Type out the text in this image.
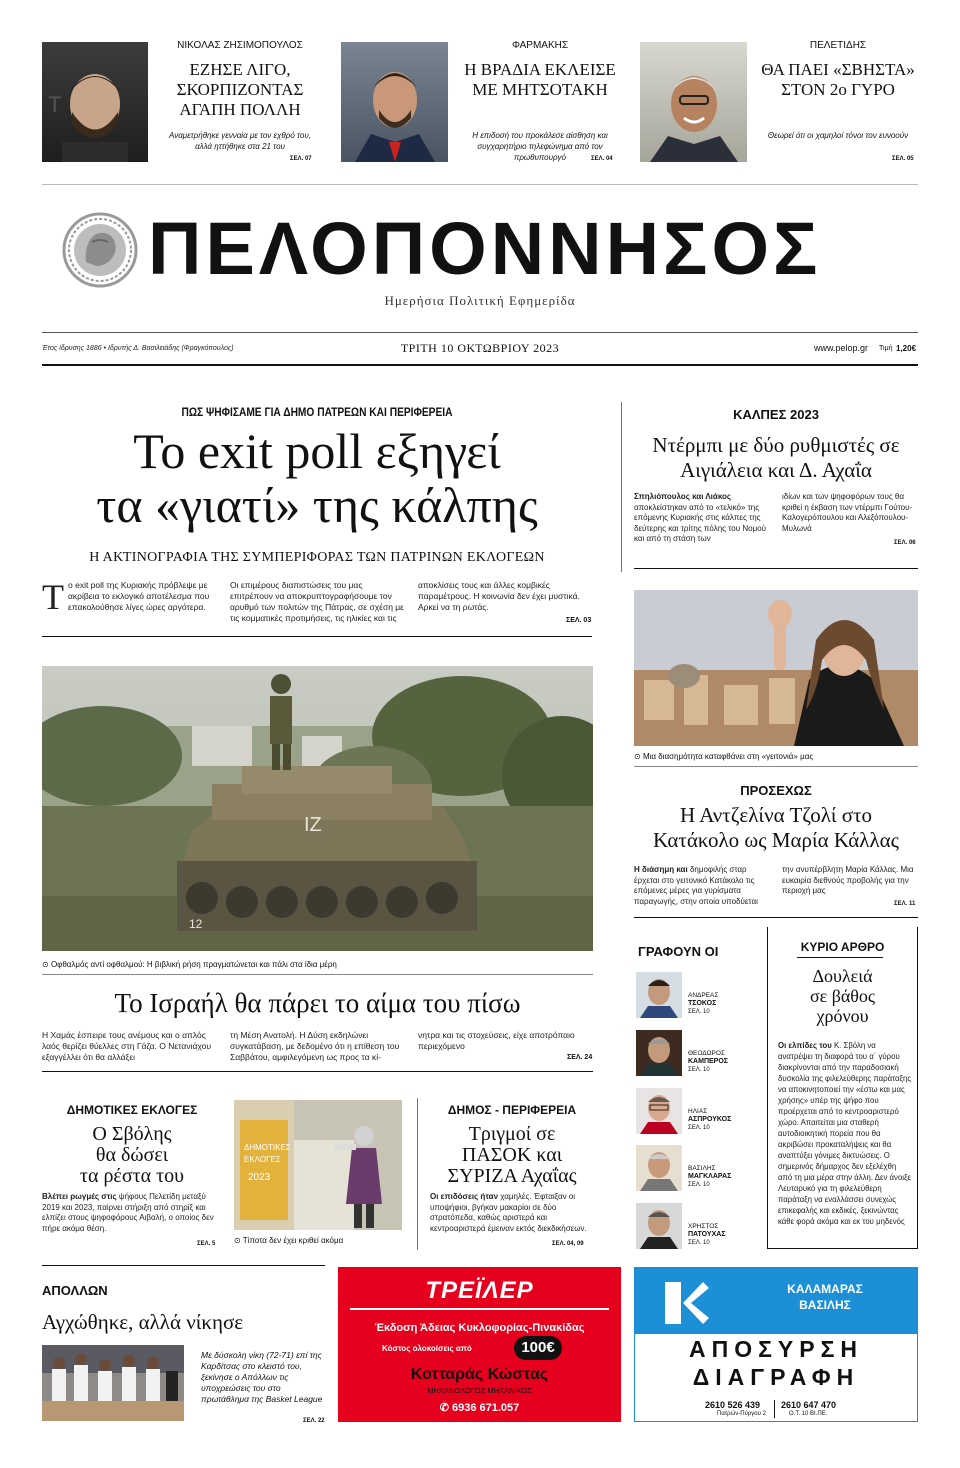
T
ΝΙΚΟΛΑΣ ΖΗΣΙΜΟΠΟΥΛΟΣ
ΕΖΗΣΕ ΛΙΓΟ, ΣΚΟΡΠΙΖΟΝΤΑΣ ΑΓΑΠΗ ΠΟΛΛΗ
Αναμετρήθηκε γενναία με τον εχθρό του, αλλά ηττήθηκε στα 21 του
ΣΕΛ. 07
ΦΑΡΜΑΚΗΣ
Η ΒΡΑΔΙΑ ΕΚΛΕΙΣΕ ΜΕ ΜΗΤΣΟΤΑΚΗ
Η επιδοσή του προκάλεσε αίσθηση και συγχαρητήριο τηλεφώνημα από τον πρωθυπουργό	ΣΕΛ. 04
ΠΕΛΕΤΙΔΗΣ
ΘΑ ΠΑΕΙ «ΣΒΗΣΤΑ» ΣΤΟΝ 2ο ΓΥΡΟ
Θεωρεί ότι οι χαμηλοί τόνοι τον ευνοούν
ΣΕΛ. 05
ΠΕΛΟΠΟΝΝΗΣΟΣ
Ημερήσια Πολιτική Εφημερίδα
Έτος ίδρυσης 1886 • Ιδρυτής Δ. Βασιλειάδης (Φραγκόπουλος)	ΤΡΙΤΗ 10 ΟΚΤΩΒΡΙΟΥ 2023	www.pelop.gr Τιμή 1,20€
ΠΩΣ ΨΗΦΙΣΑΜΕ ΓΙΑ ΔΗΜΟ ΠΑΤΡΕΩΝ ΚΑΙ ΠΕΡΙΦΕΡΕΙΑ
Το exit poll εξηγεί
τα «γιατί» της κάλπης
Η ΑΚΤΙΝΟΓΡΑΦΙΑ ΤΗΣ ΣΥΜΠΕΡΙΦΟΡΑΣ ΤΩΝ ΠΑΤΡΙΝΩΝ ΕΚΛΟΓΕΩΝ
Το exit poll της Κυριακής πρόβλεψε με ακρίβεια το εκλογικό αποτέλεσμα που επακολούθησε λίγες ώρες αργότερα.
Οι επιμέρους διαπιστώσεις του μας επιτρέπουν να αποκρυπτογραφήσουμε τον αρυθμό των πολιτών της Πάτρας, σε σχέση με τις κομματικές προτιμήσεις, τις ηλικίες και τις
αποκλίσεις τους και άλλες κομβικές παραμέτρους. Η κοινωνία δεν έχει μυστικά. Αρκεί να τη ρωτάς.
ΣΕΛ. 03
ΙΖ
12
⊙ Οφθαλμός αντί οφθαλμού: Η βιβλική ρήση πραγματώνεται και πάλι στα ίδια μέρη
Το Ισραήλ θα πάρει το αίμα του πίσω
Η Χαμάς έσπειρε τους ανέμους και ο απλός λαός θερίζει θύελλες στη Γάζα. Ο Νετανιάχου εξαγγέλλει ότι θα αλλάξει
τη Μέση Ανατολή. Η Δύση εκδηλώνει συγκατάβαση, με δεδομένο ότι η επίθεση του Σαββάτου, αμφιλεγόμενη ως προς τα κί-
νητρα και τις στοχεύσεις, είχε αποτρόπαιο περιεχόμενο
ΣΕΛ. 24
ΚΑΛΠΕΣ 2023
Ντέρμπι με δύο ρυθμιστές σε Αιγιάλεια και Δ. Αχαΐα
Σπηλιόπουλος και Λιάκος αποκλείστηκαν από το «τελικό» της επόμενης Κυριακής στις κάλπες της δεύτερης και τρίτης πόλης του Νομού και από τη στάση των
ιδίων και των ψηφοφόρων τους θα κριθεί η έκβαση των ντέρμπι Γούτου-Καλογερόπουλου και Αλεξόπουλου-Μυλωνά
ΣΕΛ. 06
⊙ Μια διασημότητα καταφθάνει στη «γειτονιά» μας
ΠΡΟΣΕΧΩΣ
Η Αντζελίνα Τζολί στο
Κατάκολο ως Μαρία Κάλλας
Η διάσημη και δημοφιλής σταρ έρχεται στο γειτονικό Κατάκολο τις επόμενες μέρες για γυρίσματα παραγωγής, στην οποία υποδύεται
την ανυπέρβλητη Μαρία Κάλλας. Μια ευκαιρία διεθνούς προβολής για την περιοχή μας
ΣΕΛ. 11
ΓΡΑΦΟΥΝ ΟΙ
ΑΝΔΡΕΑΣ
ΤΣΟΚΟΣ
ΣΕΛ. 10
ΘΕΟΔΩΡΟΣ
ΚΑΜΠΕΡΟΣ
ΣΕΛ. 10
ΗΛΙΑΣ
ΑΣΠΡΟΥΚΟΣ
ΣΕΛ. 10
ΒΑΣΙΛΗΣ
ΜΑΓΚΛΑΡΑΣ
ΣΕΛ. 10
ΧΡΗΣΤΟΣ
ΠΑΤΟΥΧΑΣ
ΣΕΛ. 10
ΚΥΡΙΟ ΑΡΘΡΟ
Δουλειά
σε βάθος
χρόνου
Οι ελπίδες του Κ. Σβόλη να ανατρέψει τη διαφορά του α΄ γύρου διακρίνονται από την παραδοσιακή δυσκολία της φιλελεύθερης παράταξης να αποκινητοποιεί την «έστω και μας χρήσης» υπέρ της ψήφο που προέρχεται από το κεντροαριστερό χώρο. Απαιτείται μια σταθερή αυτοδιοικητική πορεία που θα ακριβώσει προκαταλήψεις και θα αναπτύξει γόνιμες δικτυώσεις. Ο σημερινός δήμαρχος δεν εξελέχθη από τη μια μέρα στην άλλη. Δεν άνοιξε Λευταρυκό για τη φιλελεύθερη παράταξη να εναλλάσσει συνεχώς επικεφαλής και εκδικές, ξεκινώντας κάθε φορά ακόμα και εκ του μηδενός
ΔΗΜΟΤΙΚΕΣ ΕΚΛΟΓΕΣ
Ο Σβόλης
θα δώσει
τα ρέστα του
Βλέπει ρωγμές στις ψήφους Πελετίδη μεταξύ 2019 και 2023, παίρνει στήριξη από στηρίξ και ελπίζει στους ψηφοφόρους Αιβαλή, ο οποίος δεν πήρε ακόμα θέση.
ΣΕΛ. 5
ΔΗΜΟΤΙΚΕΣ
ΕΚΛΟΓΕΣ
2023
⊙ Τίποτα δεν έχει κριθεί ακόμα
ΔΗΜΟΣ - ΠΕΡΙΦΕΡΕΙΑ
Τριγμοί σε
ΠΑΣΟΚ και
ΣΥΡΙΖΑ Αχαΐας
Οι επιδόσεις ήταν χαμηλές. Έφταιξαν οι υποψήφιοι, βγήκαν μακαρίοι σε δύο στρατόπεδα, καθώς αριστερά και κεντροαριστερά έμειναν εκτός διεκδικήσεων.
ΣΕΛ. 04, 09
ΑΠΟΛΛΩΝ
Αγχώθηκε, αλλά νίκησε
Με δύσκολη νίκη (72-71) επί της Καρδίτσας στο κλειστό του, ξεκίνησε ο Απόλλων τις υποχρεώσεις του στο πρωτάθλημα της Basket League
ΣΕΛ. 22
ΤΡΕΪΛΕΡ
Έκδοση Άδειας Κυκλοφορίας-Πινακίδας
Κόστος ολοκοίσεις από	100€
Κοτταράς Κώστας
ΜΗΧΑΝΟΛΟΓΟΣ ΜΗΧΑΝΙΚΟΣ
✆ 6936 671.057
ΚΑΛΑΜΑΡΑΣ
ΒΑΣΙΛΗΣ
ΑΠΟΣΥΡΣΗ
ΔΙΑΓΡΑΦΗ
2610 526 439
Πατρών-Πύργου 2
2610 647 470
Ο.Τ. 10 ΒΙ.ΠΕ.
